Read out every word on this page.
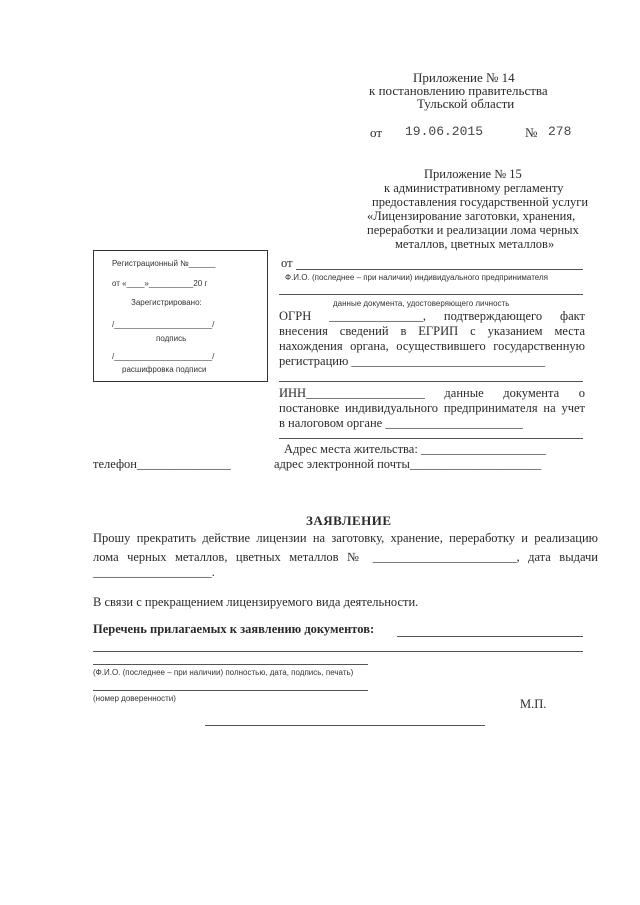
Приложение № 14
к постановлению правительства
Тульской области
от 19.06.2015	№ 278
Приложение № 15
к административному регламенту
предоставления государственной услуги
«Лицензирование заготовки, хранения,
переработки и реализации лома черных
металлов, цветных металлов»
Регистрационный №______
от «____»__________20 г
Зарегистрировано:
/______________________/
подпись
/______________________/
расшифровка подписи
от
Ф.И.О. (последнее – при наличии) индивидуального предпринимателя
данные документа, удостоверяющего личность
ОГРН _______________, подтверждающего факт
внесения сведений в ЕГРИП с указанием места
нахождения органа, осуществившего государственную
регистрацию _______________________________
ИНН___________________ данные документа о
постановке индивидуального предпринимателя на учет
в налоговом органе ______________________
Адрес места жительства: ____________________
адрес электронной почты_____________________
телефон_______________
ЗАЯВЛЕНИЕ
Прошу прекратить действие лицензии на заготовку, хранение, переработку и реализацию
лома черных металлов, цветных металлов № _______________________, дата выдачи
___________________.
В связи с прекращением лицензируемого вида деятельности.
Перечень прилагаемых к заявлению документов:
(Ф.И.О. (последнее – при наличии) полностью, дата, подпись, печать)
(номер доверенности)	М.П.
